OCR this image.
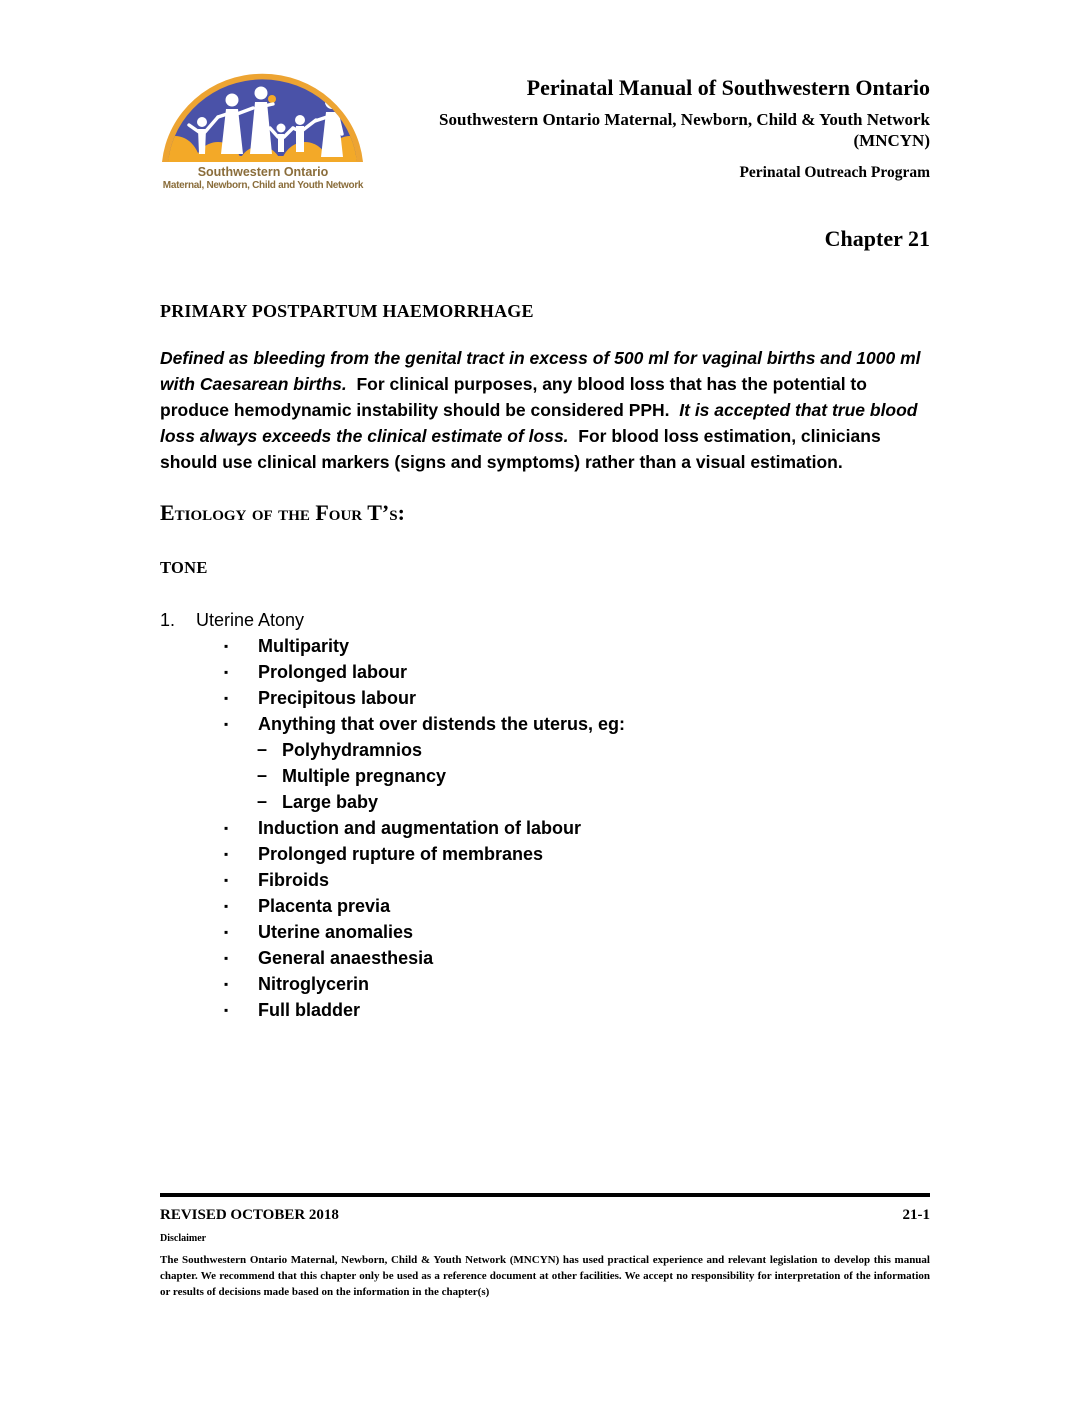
Southwestern Ontario
Maternal, Newborn, Child and Youth Network
Perinatal Manual of Southwestern Ontario
Southwestern Ontario Maternal, Newborn, Child & Youth Network
(MNCYN)
Perinatal Outreach Program
Chapter 21
PRIMARY POSTPARTUM HAEMORRHAGE

Defined as bleeding from the genital tract in excess of 500 ml for vaginal births and 1000 ml with Caesarean births.  For clinical purposes, any blood loss that has the potential to produce hemodynamic instability should be considered PPH.  It is accepted that true blood loss always exceeds the clinical estimate of loss.  For blood loss estimation, clinicians should use clinical markers (signs and symptoms) rather than a visual estimation.

Etiology of the Four T’s:
TONE
1. Uterine Atony
▪ Multiparity
▪ Prolonged labour
▪ Precipitous labour
▪ Anything that over distends the uterus, eg:
– Polyhydramnios
– Multiple pregnancy
– Large baby
▪ Induction and augmentation of labour
▪ Prolonged rupture of membranes
▪ Fibroids
▪ Placenta previa
▪ Uterine anomalies
▪ General anaesthesia
▪ Nitroglycerin
▪ Full bladder
REVISED OCTOBER 2018	21-1
Disclaimer
The Southwestern Ontario Maternal, Newborn, Child & Youth Network (MNCYN) has used practical experience and relevant legislation to develop this manual chapter. We recommend that this chapter only be used as a reference document at other facilities. We accept no responsibility for interpretation of the information or results of decisions made based on the information in the chapter(s)
